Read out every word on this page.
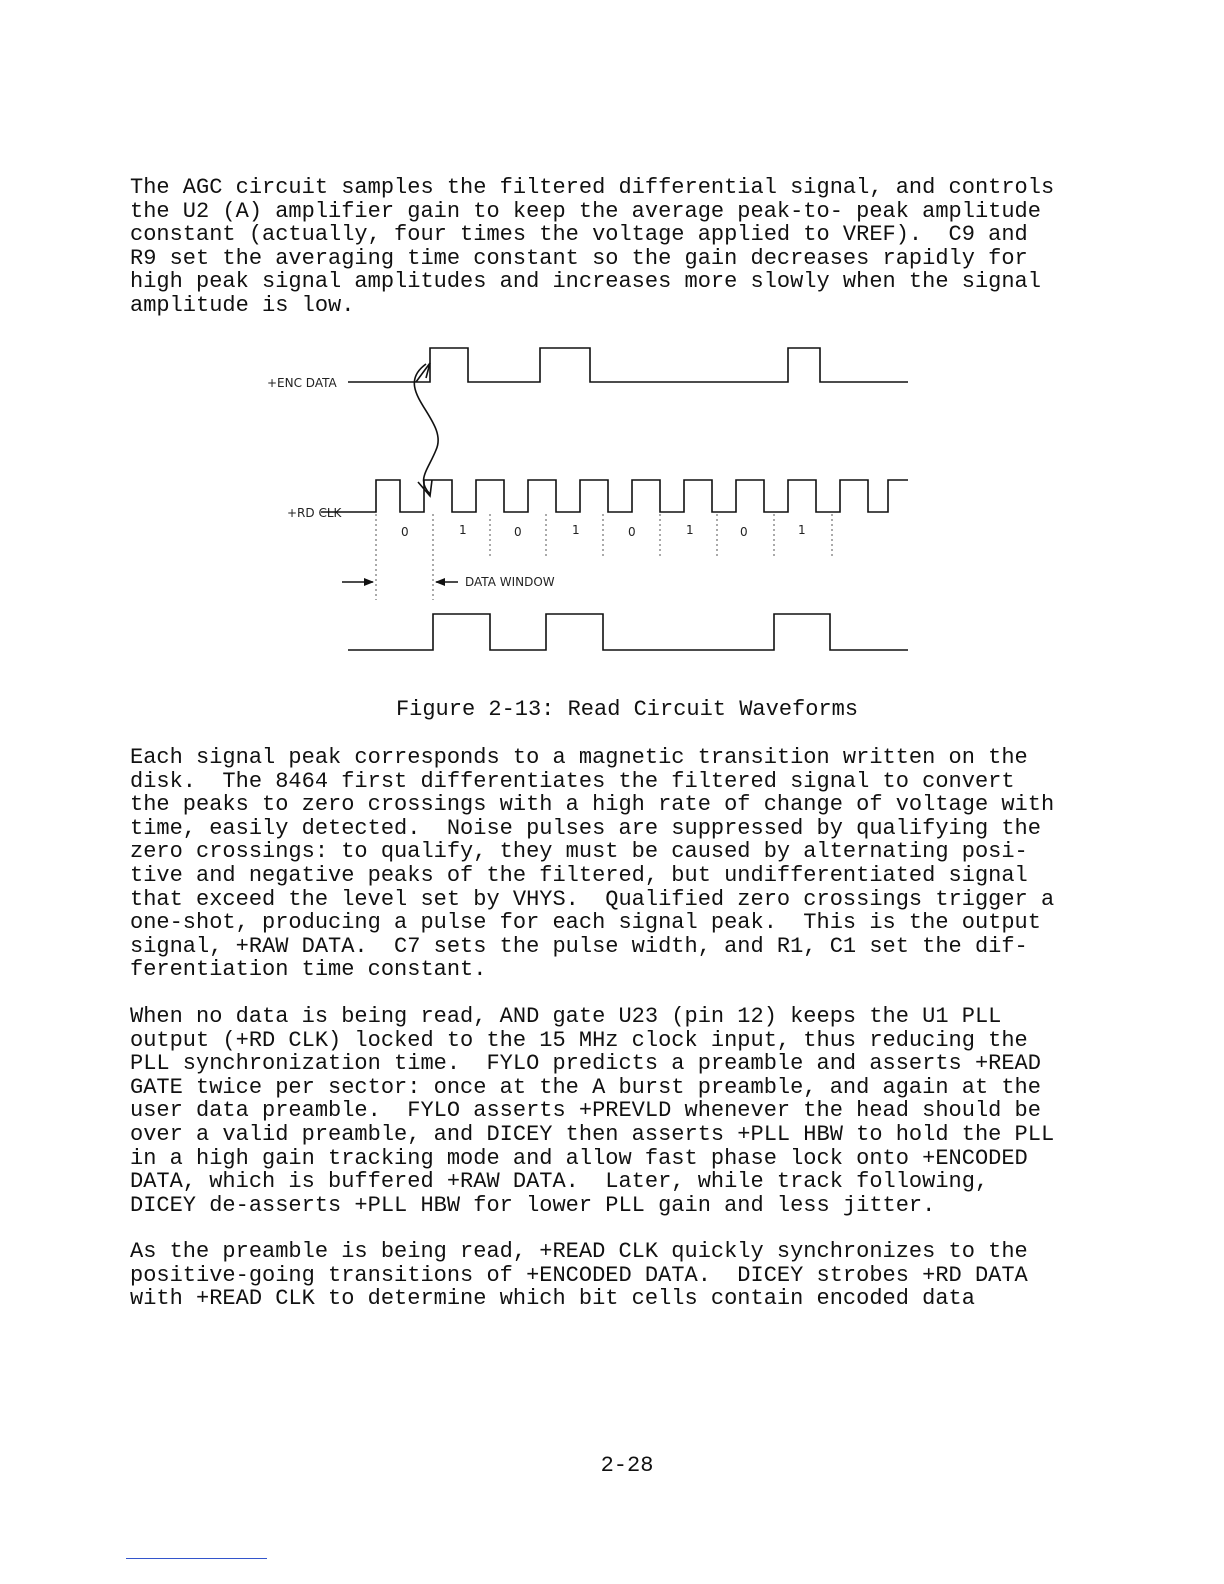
The AGC circuit samples the filtered differential signal, and controls
the U2 (A) amplifier gain to keep the average peak-to- peak amplitude
constant (actually, four times the voltage applied to VREF).  C9 and
R9 set the averaging time constant so the gain decreases rapidly for
high peak signal amplitudes and increases more slowly when the signal
amplitude is low.

+ENC DATA
+RD CLK
0	1	0	1	0	1	0	1
DATA WINDOW
Figure 2-13: Read Circuit Waveforms

Each signal peak corresponds to a magnetic transition written on the
disk.  The 8464 first differentiates the filtered signal to convert
the peaks to zero crossings with a high rate of change of voltage with
time, easily detected.  Noise pulses are suppressed by qualifying the
zero crossings: to qualify, they must be caused by alternating posi-
tive and negative peaks of the filtered, but undifferentiated signal
that exceed the level set by VHYS.  Qualified zero crossings trigger a
one-shot, producing a pulse for each signal peak.  This is the output
signal, +RAW DATA.  C7 sets the pulse width, and R1, C1 set the dif-
ferentiation time constant.

When no data is being read, AND gate U23 (pin 12) keeps the U1 PLL
output (+RD CLK) locked to the 15 MHz clock input, thus reducing the
PLL synchronization time.  FYLO predicts a preamble and asserts +READ
GATE twice per sector: once at the A burst preamble, and again at the
user data preamble.  FYLO asserts +PREVLD whenever the head should be
over a valid preamble, and DICEY then asserts +PLL HBW to hold the PLL
in a high gain tracking mode and allow fast phase lock onto +ENCODED
DATA, which is buffered +RAW DATA.  Later, while track following,
DICEY de-asserts +PLL HBW for lower PLL gain and less jitter.

As the preamble is being read, +READ CLK quickly synchronizes to the
positive-going transitions of +ENCODED DATA.  DICEY strobes +RD DATA
with +READ CLK to determine which bit cells contain encoded data

2-28
